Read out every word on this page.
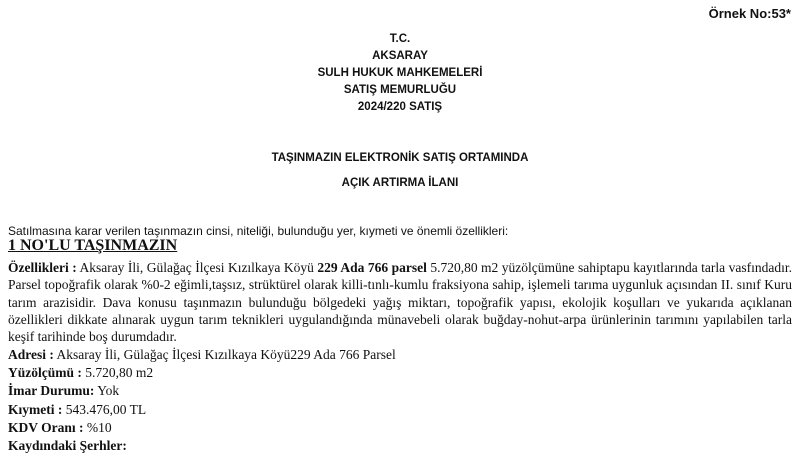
Örnek No:53*
T.C.
AKSARAY
SULH HUKUK MAHKEMELERİ
SATIŞ MEMURLUĞU
2024/220 SATIŞ
TAŞINMAZIN ELEKTRONİK SATIŞ ORTAMINDA
AÇIK ARTIRMA İLANI
Satılmasına karar verilen taşınmazın cinsi, niteliği, bulunduğu yer, kıymeti ve önemli özellikleri:
1 NO'LU TAŞINMAZIN
Özellikleri : Aksaray İli, Gülağaç İlçesi Kızılkaya Köyü 229 Ada 766 parsel 5.720,80 m2 yüzölçümüne sahiptapu kayıtlarında tarla vasfındadır. Parsel topoğrafik olarak %0-2 eğimli,taşsız, strüktürel olarak killi-tınlı-kumlu fraksiyona sahip, işlemeli tarıma uygunluk açısından II. sınıf Kuru tarım arazisidir. Dava konusu taşınmazın bulunduğu bölgedeki yağış miktarı, topoğrafik yapısı, ekolojik koşulları ve yukarıda açıklanan özellikleri dikkate alınarak uygun tarım teknikleri uygulandığında münavebeli olarak buğday-nohut-arpa ürünlerinin tarımını yapılabilen tarla keşif tarihinde boş durumdadır.
Adresi : Aksaray İli, Gülağaç İlçesi Kızılkaya Köyü229 Ada 766 Parsel
Yüzölçümü : 5.720,80 m2
İmar Durumu: Yok
Kıymeti : 543.476,00 TL
KDV Oranı : %10
Kaydındaki Şerhler:
